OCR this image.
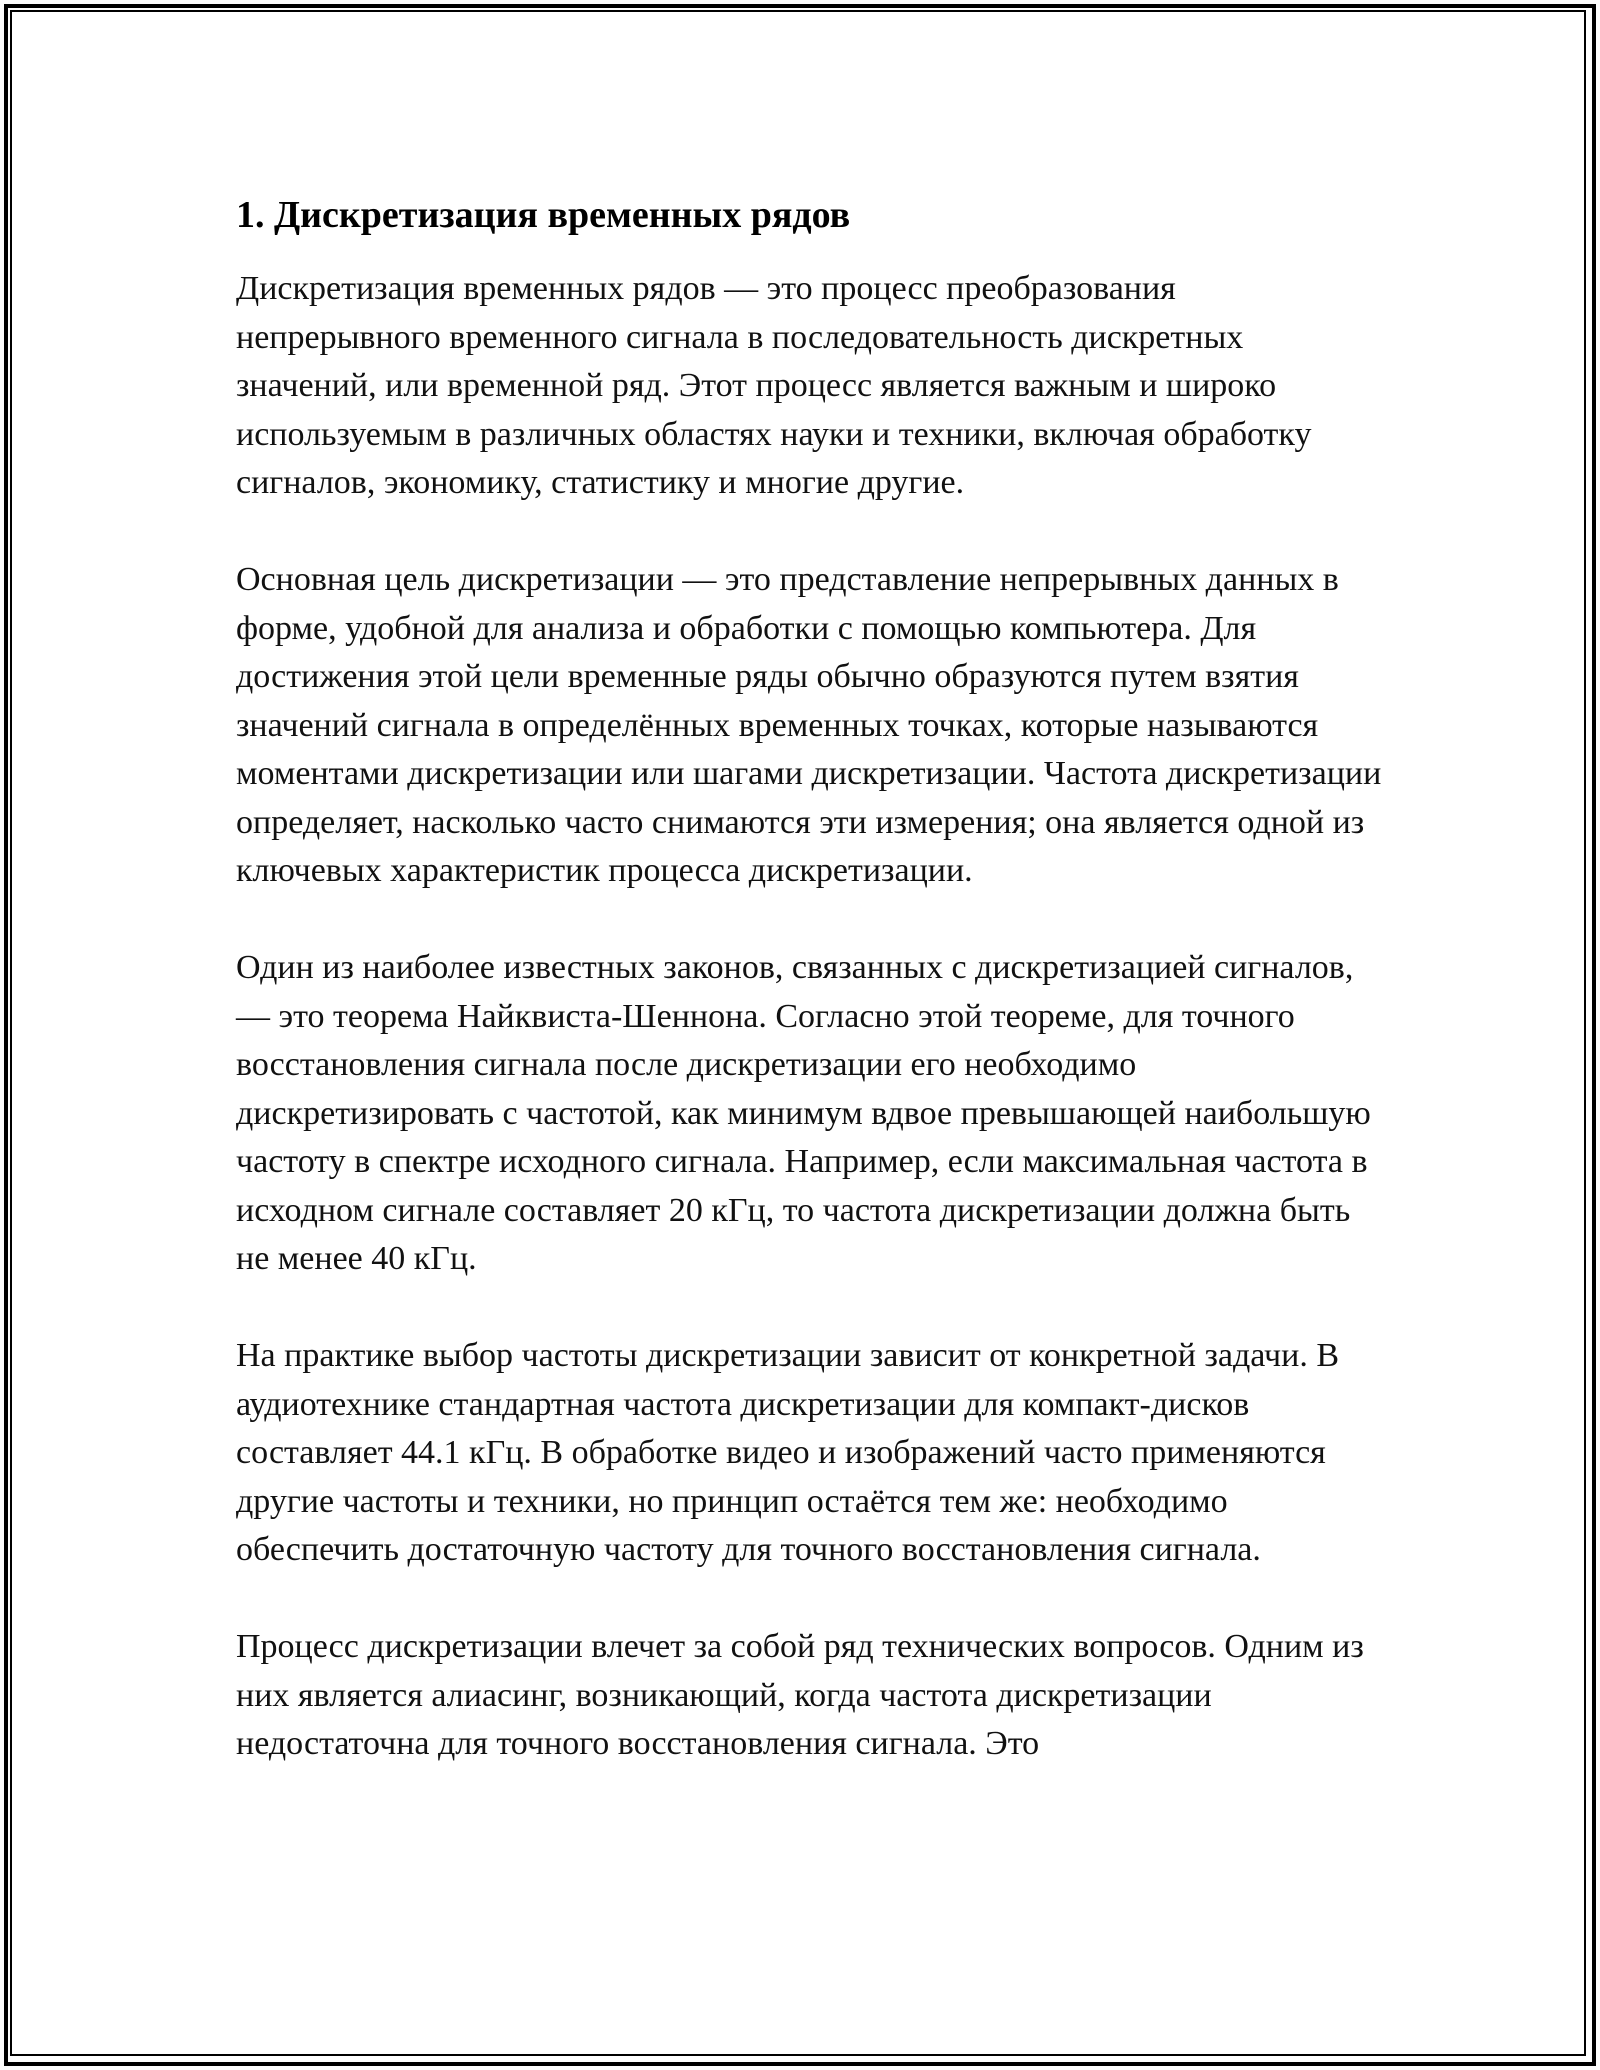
1. Дискретизация временных рядов

Дискретизация временных рядов — это процесс преобразования непрерывного временного сигнала в последовательность дискретных значений, или временной ряд. Этот процесс является важным и широко используемым в различных областях науки и техники, включая обработку сигналов, экономику, статистику и многие другие.

Основная цель дискретизации — это представление непрерывных данных в форме, удобной для анализа и обработки с помощью компьютера. Для достижения этой цели временные ряды обычно образуются путем взятия значений сигнала в определённых временных точках, которые называются моментами дискретизации или шагами дискретизации. Частота дискретизации определяет, насколько часто снимаются эти измерения; она является одной из ключевых характеристик процесса дискретизации.

Один из наиболее известных законов, связанных с дискретизацией сигналов, — это теорема Найквиста-Шеннона. Согласно этой теореме, для точного восстановления сигнала после дискретизации его необходимо дискретизировать с частотой, как минимум вдвое превышающей наибольшую частоту в спектре исходного сигнала. Например, если максимальная частота в исходном сигнале составляет 20 кГц, то частота дискретизации должна быть не менее 40 кГц.

На практике выбор частоты дискретизации зависит от конкретной задачи. В аудиотехнике стандартная частота дискретизации для компакт-дисков составляет 44.1 кГц. В обработке видео и изображений часто применяются другие частоты и техники, но принцип остаётся тем же: необходимо обеспечить достаточную частоту для точного восстановления сигнала.

Процесс дискретизации влечет за собой ряд технических вопросов. Одним из них является алиасинг, возникающий, когда частота дискретизации недостаточна для точного восстановления сигнала. Это
